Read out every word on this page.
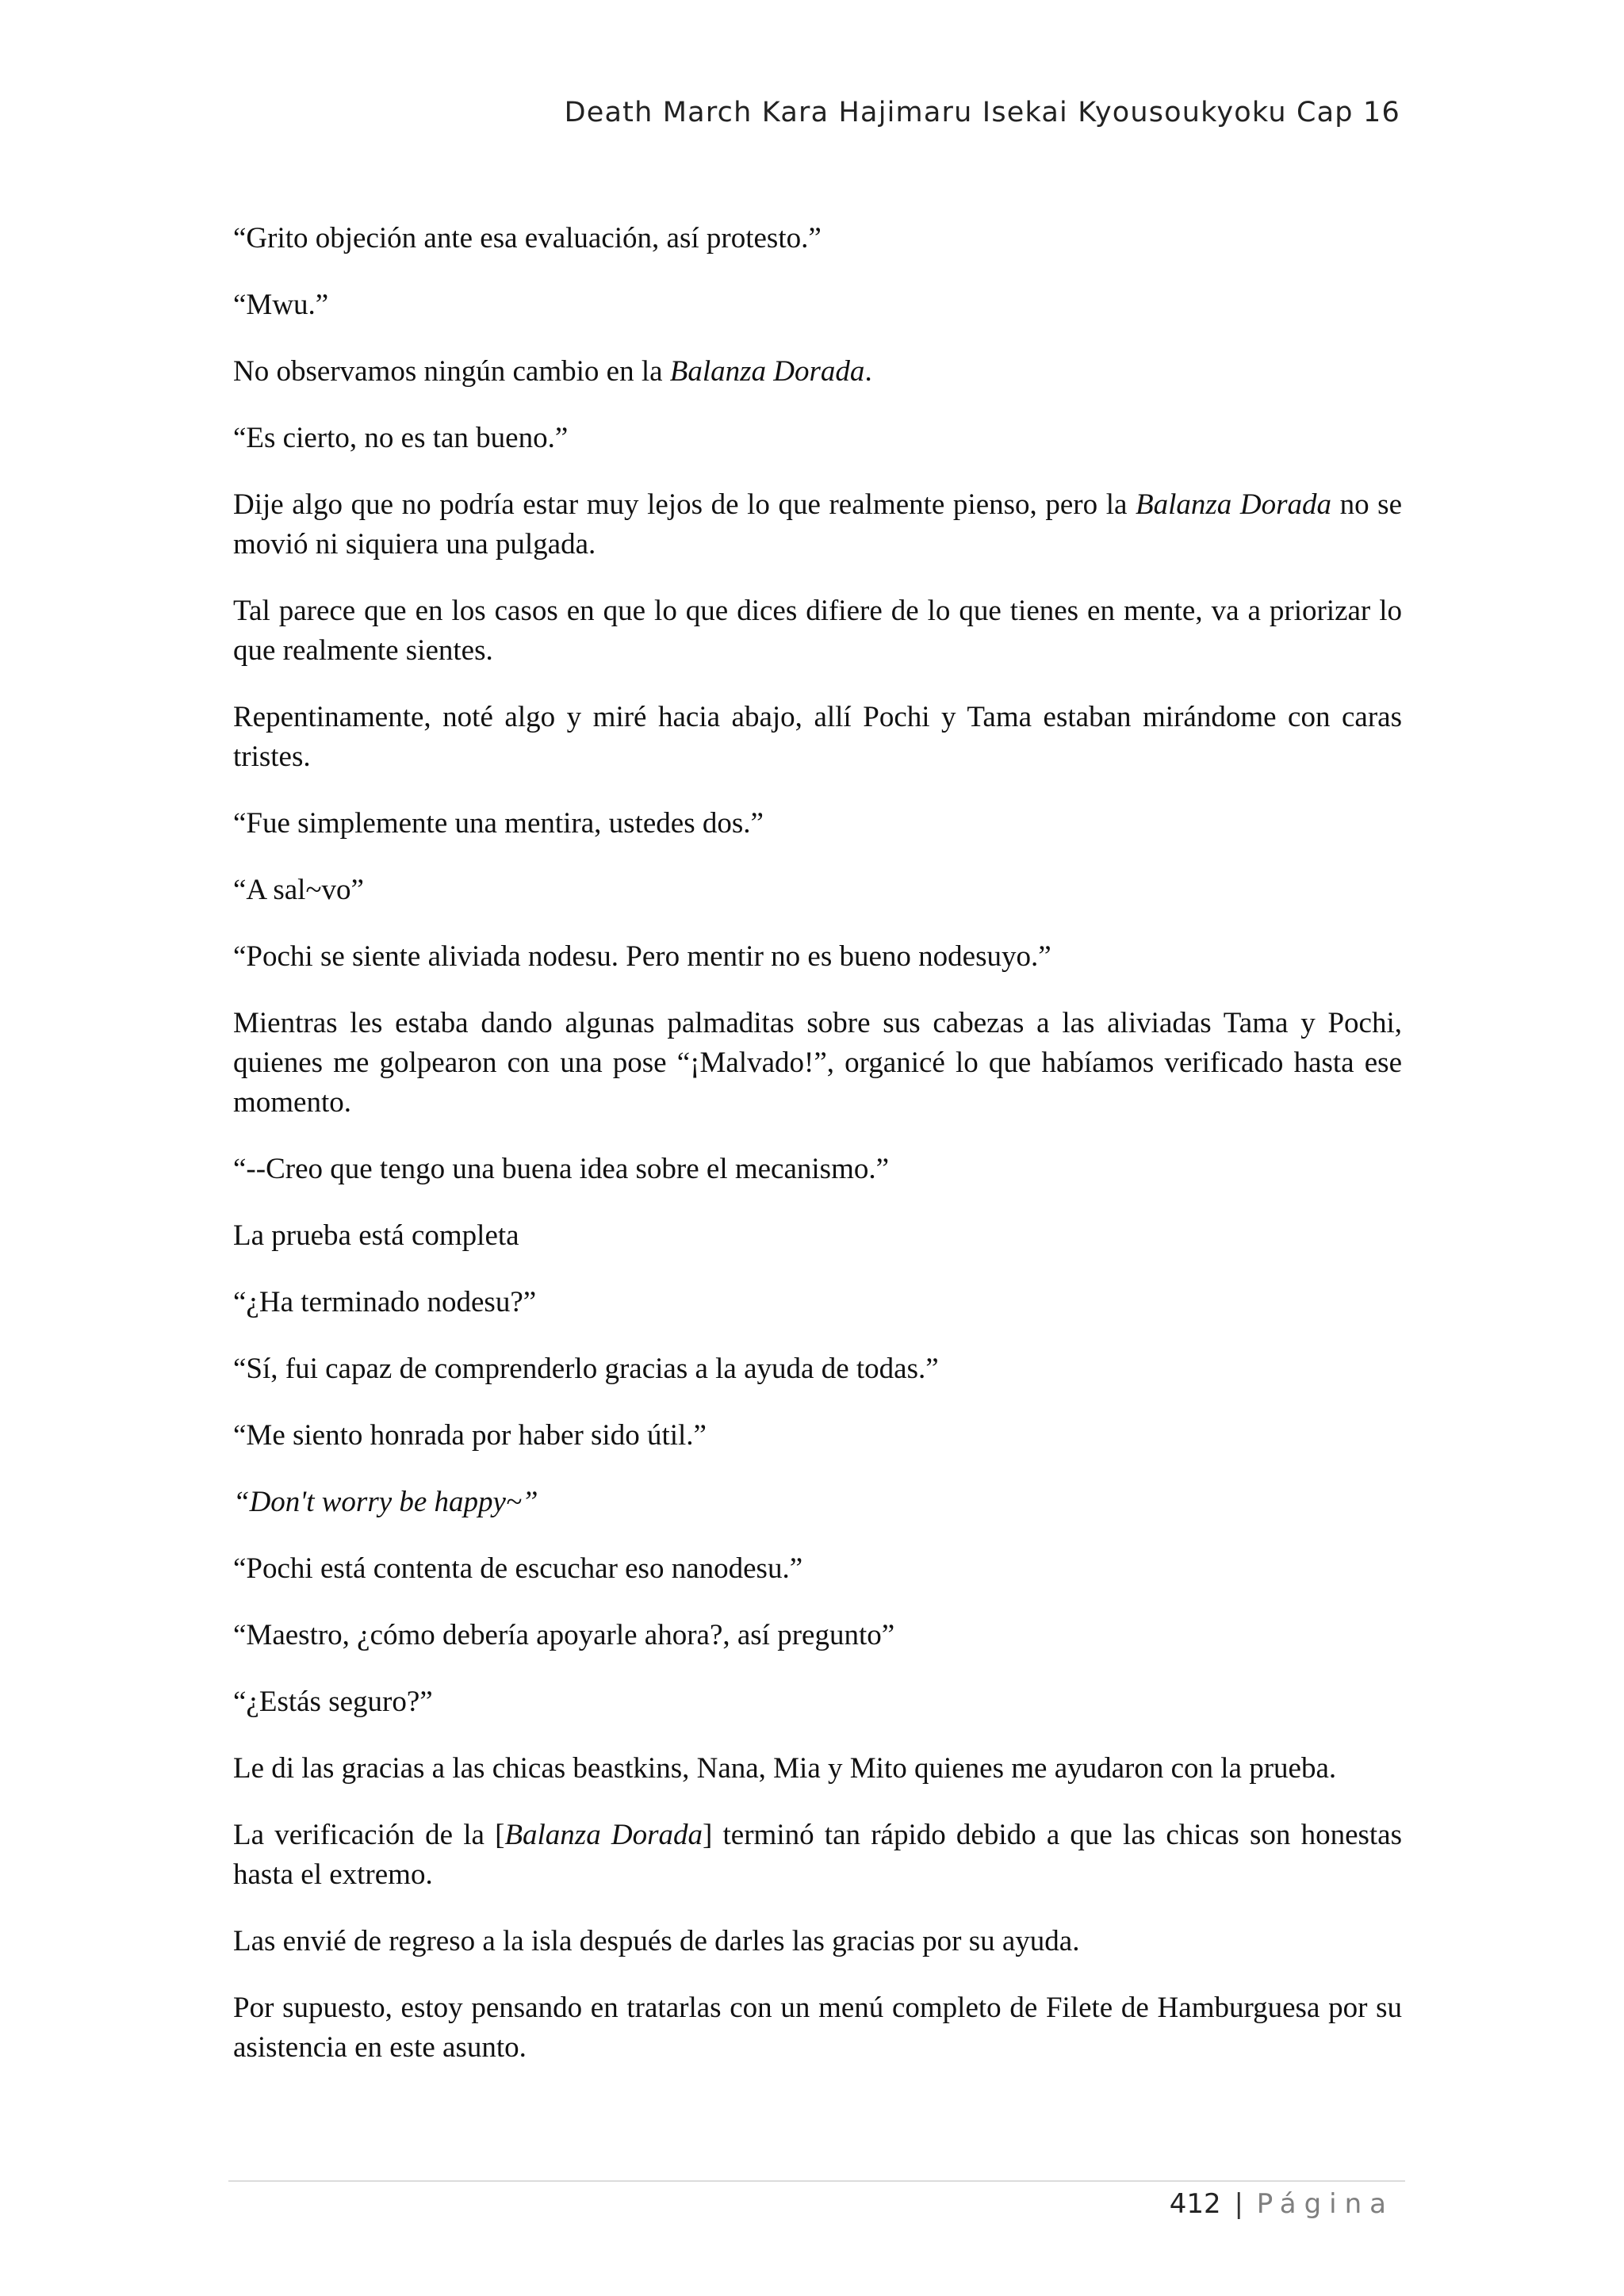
Death March Kara Hajimaru Isekai Kyousoukyoku Cap 16

“Grito objeción ante esa evaluación, así protesto.”

“Mwu.”

No observamos ningún cambio en la Balanza Dorada.

“Es cierto, no es tan bueno.”

Dije algo que no podría estar muy lejos de lo que realmente pienso, pero la Balanza Dorada no se movió ni siquiera una pulgada.

Tal parece que en los casos en que lo que dices difiere de lo que tienes en mente, va a priorizar lo que realmente sientes.

Repentinamente, noté algo y miré hacia abajo, allí Pochi y Tama estaban mirándome con caras tristes.

“Fue simplemente una mentira, ustedes dos.”

“A sal~vo”

“Pochi se siente aliviada nodesu. Pero mentir no es bueno nodesuyo.”

Mientras les estaba dando algunas palmaditas sobre sus cabezas a las aliviadas Tama y Pochi, quienes me golpearon con una pose “¡Malvado!”, organicé lo que habíamos verificado hasta ese momento.

“--Creo que tengo una buena idea sobre el mecanismo.”

La prueba está completa

“¿Ha terminado nodesu?”

“Sí, fui capaz de comprenderlo gracias a la ayuda de todas.”

“Me siento honrada por haber sido útil.”

“Don't worry be happy~”

“Pochi está contenta de escuchar eso nanodesu.”

“Maestro, ¿cómo debería apoyarle ahora?, así pregunto”

“¿Estás seguro?”

Le di las gracias a las chicas beastkins, Nana, Mia y Mito quienes me ayudaron con la prueba.

La verificación de la [Balanza Dorada] terminó tan rápido debido a que las chicas son honestas hasta el extremo.

Las envié de regreso a la isla después de darles las gracias por su ayuda.

Por supuesto, estoy pensando en tratarlas con un menú completo de Filete de Hamburguesa por su asistencia en este asunto.

412 | Página
